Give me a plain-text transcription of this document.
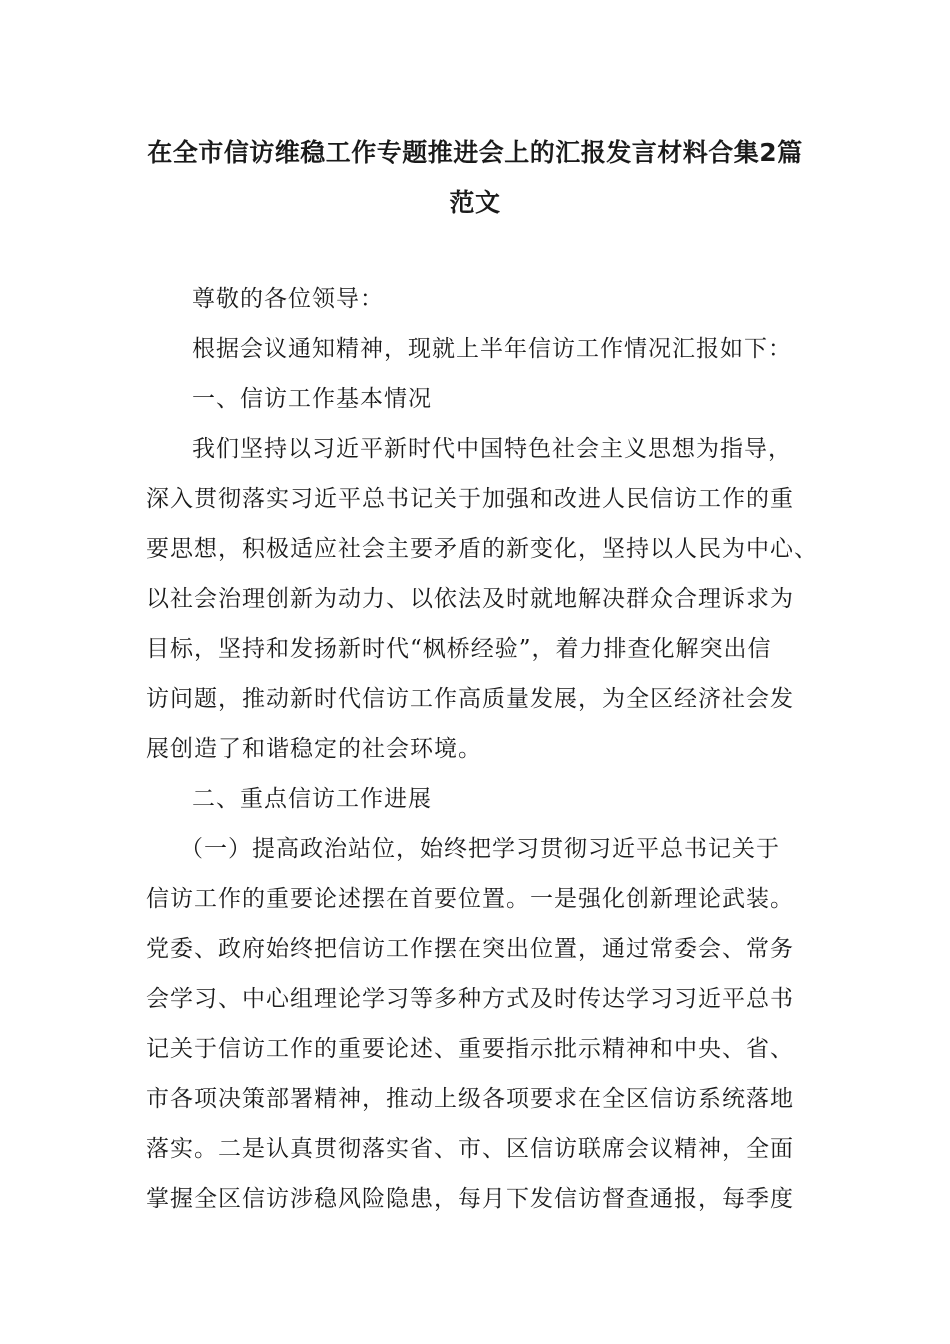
在全市信访维稳工作专题推进会上的汇报发言材料合集2篇
范文

尊敬的各位领导：

根据会议通知精神，现就上半年信访工作情况汇报如下：

一、信访工作基本情况

我们坚持以习近平新时代中国特色社会主义思想为指导，
深入贯彻落实习近平总书记关于加强和改进人民信访工作的重
要思想，积极适应社会主要矛盾的新变化，坚持以人民为中心、
以社会治理创新为动力、以依法及时就地解决群众合理诉求为
目标，坚持和发扬新时代“枫桥经验”，着力排查化解突出信
访问题，推动新时代信访工作高质量发展，为全区经济社会发
展创造了和谐稳定的社会环境。

二、重点信访工作进展

（一）提高政治站位，始终把学习贯彻习近平总书记关于
信访工作的重要论述摆在首要位置。一是强化创新理论武装。
党委、政府始终把信访工作摆在突出位置，通过常委会、常务
会学习、中心组理论学习等多种方式及时传达学习习近平总书
记关于信访工作的重要论述、重要指示批示精神和中央、省、
市各项决策部署精神，推动上级各项要求在全区信访系统落地
落实。二是认真贯彻落实省、市、区信访联席会议精神，全面
掌握全区信访涉稳风险隐患，每月下发信访督查通报，每季度
